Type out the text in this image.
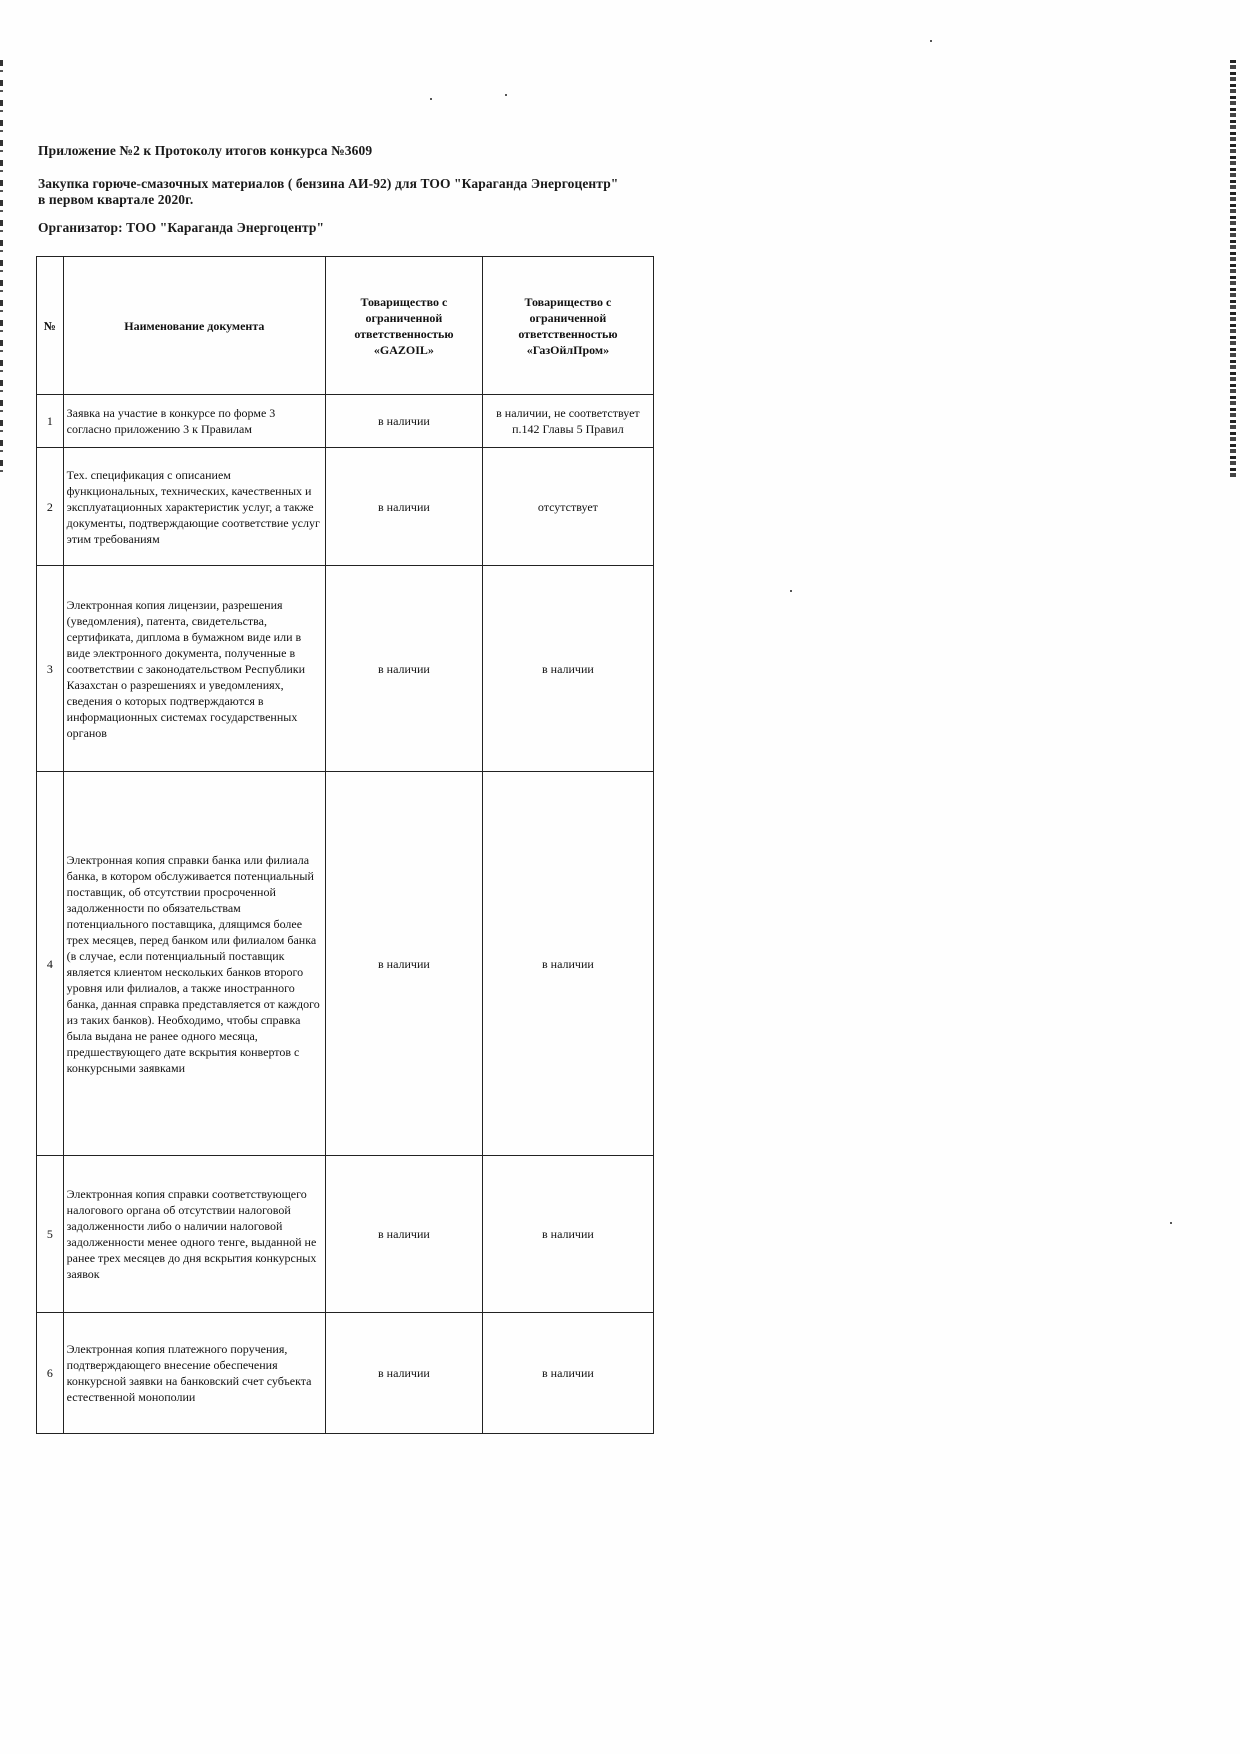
Приложение №2 к Протоколу итогов конкурса №3609
Закупка горюче-смазочных материалов ( бензина АИ-92) для ТОО "Караганда Энергоцентр"
в первом квартале 2020г.
Организатор: ТОО "Караганда Энергоцентр"
№	Наименование документа	Товарищество с ограниченной ответственностью «GAZOIL»	Товарищество с ограниченной ответственностью «ГазОйлПром»
1	Заявка на участие в конкурсе по форме 3 согласно приложению 3 к Правилам	в наличии	в наличии, не соответствует п.142 Главы 5 Правил
2	Тех. спецификация с описанием функциональных, технических, качественных и эксплуатационных характеристик услуг, а также документы, подтверждающие соответствие услуг этим требованиям	в наличии	отсутствует
3	Электронная копия лицензии, разрешения (уведомления), патента, свидетельства, сертификата, диплома в бумажном виде или в виде электронного документа, полученные в соответствии с законодательством Республики Казахстан о разрешениях и уведомлениях, сведения о которых подтверждаются в информационных системах государственных органов	в наличии	в наличии
4	Электронная копия справки банка или филиала банка, в котором обслуживается потенциальный поставщик, об отсутствии просроченной задолженности по обязательствам потенциального поставщика, длящимся более трех месяцев, перед банком или филиалом банка (в случае, если потенциальный поставщик является клиентом нескольких банков второго уровня или филиалов, а также иностранного банка, данная справка представляется от каждого из таких банков). Необходимо, чтобы справка была выдана не ранее одного месяца, предшествующего дате вскрытия конвертов с конкурсными заявками	в наличии	в наличии
5	Электронная копия справки соответствующего налогового органа об отсутствии налоговой задолженности либо о наличии налоговой задолженности менее одного тенге, выданной не ранее трех месяцев до дня вскрытия конкурсных заявок	в наличии	в наличии
6	Электронная копия платежного поручения, подтверждающего внесение обеспечения конкурсной заявки на банковский счет субъекта естественной монополии	в наличии	в наличии
